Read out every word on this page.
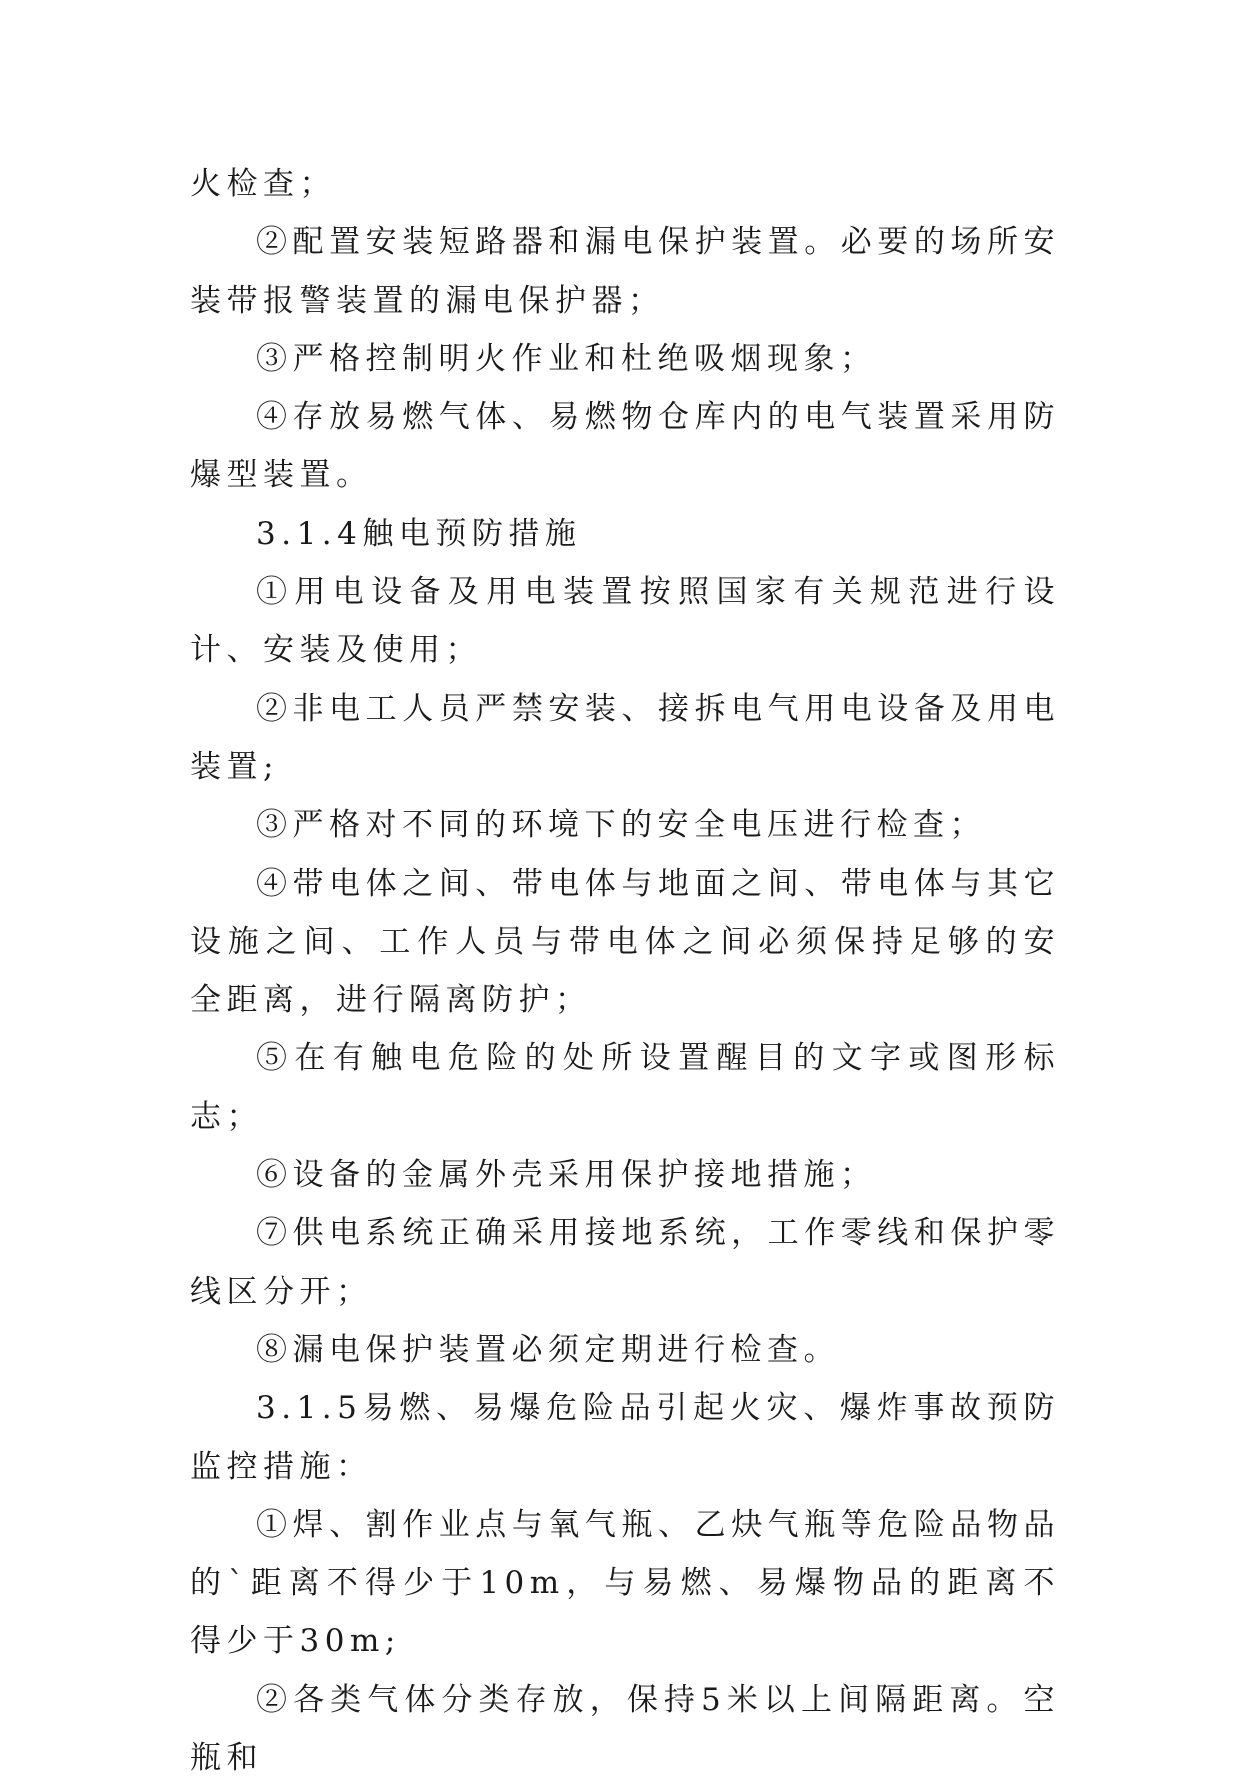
火检查；

②配置安装短路器和漏电保护装置。必要的场所安装带报警装置的漏电保护器；

③严格控制明火作业和杜绝吸烟现象；

④存放易燃气体、易燃物仓库内的电气装置采用防爆型装置。

3.1.4触电预防措施

①用电设备及用电装置按照国家有关规范进行设计、安装及使用；

②非电工人员严禁安装、接拆电气用电设备及用电装置;

③严格对不同的环境下的安全电压进行检查；

④带电体之间、带电体与地面之间、带电体与其它设施之间、工作人员与带电体之间必须保持足够的安全距离，进行隔离防护；

⑤在有触电危险的处所设置醒目的文字或图形标志；

⑥设备的金属外壳采用保护接地措施；

⑦供电系统正确采用接地系统，工作零线和保护零线区分开；

⑧漏电保护装置必须定期进行检查。

3.1.5易燃、易爆危险品引起火灾、爆炸事故预防监控措施：

①焊、割作业点与氧气瓶、乙炔气瓶等危险品物品的`距离不得少于10m，与易燃、易爆物品的距离不得少于30m;

②各类气体分类存放，保持5米以上间隔距离。空瓶和
